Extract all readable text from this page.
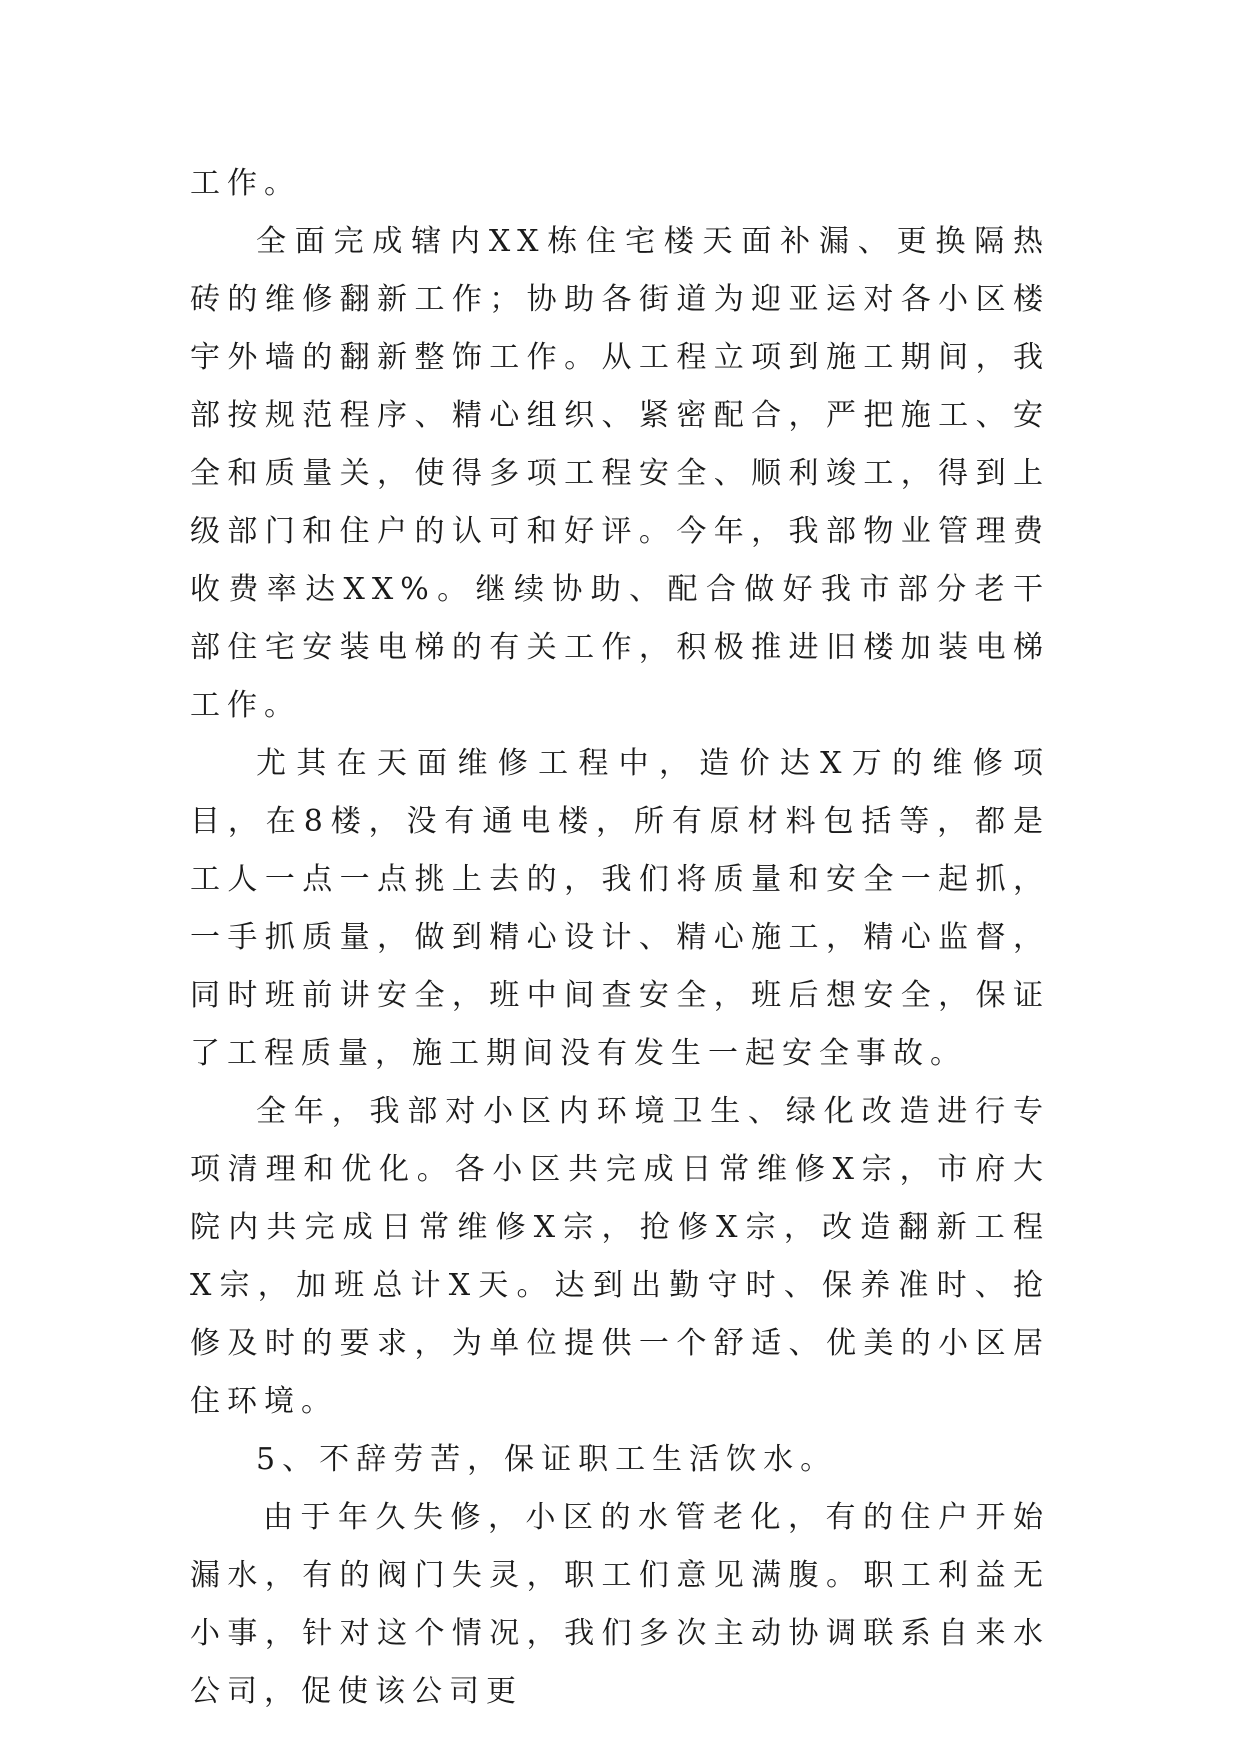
工作。

全面完成辖内XX栋住宅楼天面补漏、更换隔热砖的维修翻新工作；协助各街道为迎亚运对各小区楼宇外墙的翻新整饰工作。从工程立项到施工期间，我部按规范程序、精心组织、紧密配合，严把施工、安全和质量关，使得多项工程安全、顺利竣工，得到上级部门和住户的认可和好评。今年，我部物业管理费收费率达XX%。继续协助、配合做好我市部分老干部住宅安装电梯的有关工作，积极推进旧楼加装电梯工作。

尤其在天面维修工程中，造价达X万的维修项目，在8楼，没有通电楼，所有原材料包括等，都是工人一点一点挑上去的，我们将质量和安全一起抓，一手抓质量，做到精心设计、精心施工，精心监督，同时班前讲安全，班中间查安全，班后想安全，保证了工程质量，施工期间没有发生一起安全事故。

全年，我部对小区内环境卫生、绿化改造进行专项清理和优化。各小区共完成日常维修X宗，市府大院内共完成日常维修X宗，抢修X宗，改造翻新工程X宗，加班总计X天。达到出勤守时、保养准时、抢修及时的要求，为单位提供一个舒适、优美的小区居住环境。

5、不辞劳苦，保证职工生活饮水。

由于年久失修，小区的水管老化，有的住户开始漏水，有的阀门失灵，职工们意见满腹。职工利益无小事，针对这个情况，我们多次主动协调联系自来水公司，促使该公司更
